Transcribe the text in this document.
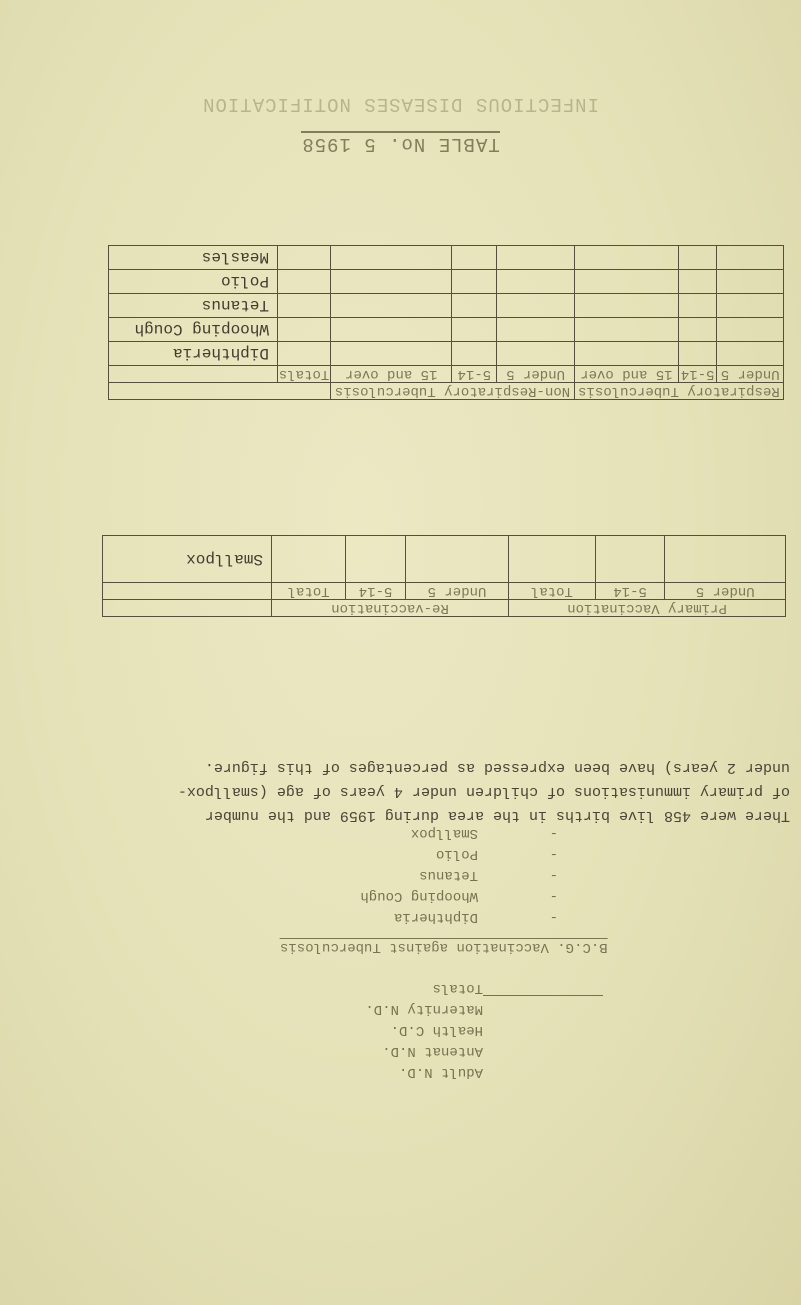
INFECTIOUS DISEASES NOTIFICATION
TABLE No. 5 1958
Respiratory Tuberculosis			Non-Respiratory Tuberculosis				
Under 5	5-14	15 and over	Under 5	5-14	15 and over	Totals	
							Diphtheria
							Whooping Cough
							Tetanus
							Polio
							Measles
Primary Vaccination			Re-vaccination			
Under 5	5-14	Total	Under 5	5-14	Total	
						Smallpox

There were 458 live births in the area during 1959 and the number

of primary immunisations of children under 4 years of age (smallpox-

under 2 years) have been expressed as percentages of this figure.

-
Diphtheria
-
Whooping Cough
-
Tetanus
-
Polio
-
Smallpox
B.C.G. Vaccination against Tuberculosis
Adult N.D.
Antenat N.D.
Health C.D.
Maternity N.D.
Totals
